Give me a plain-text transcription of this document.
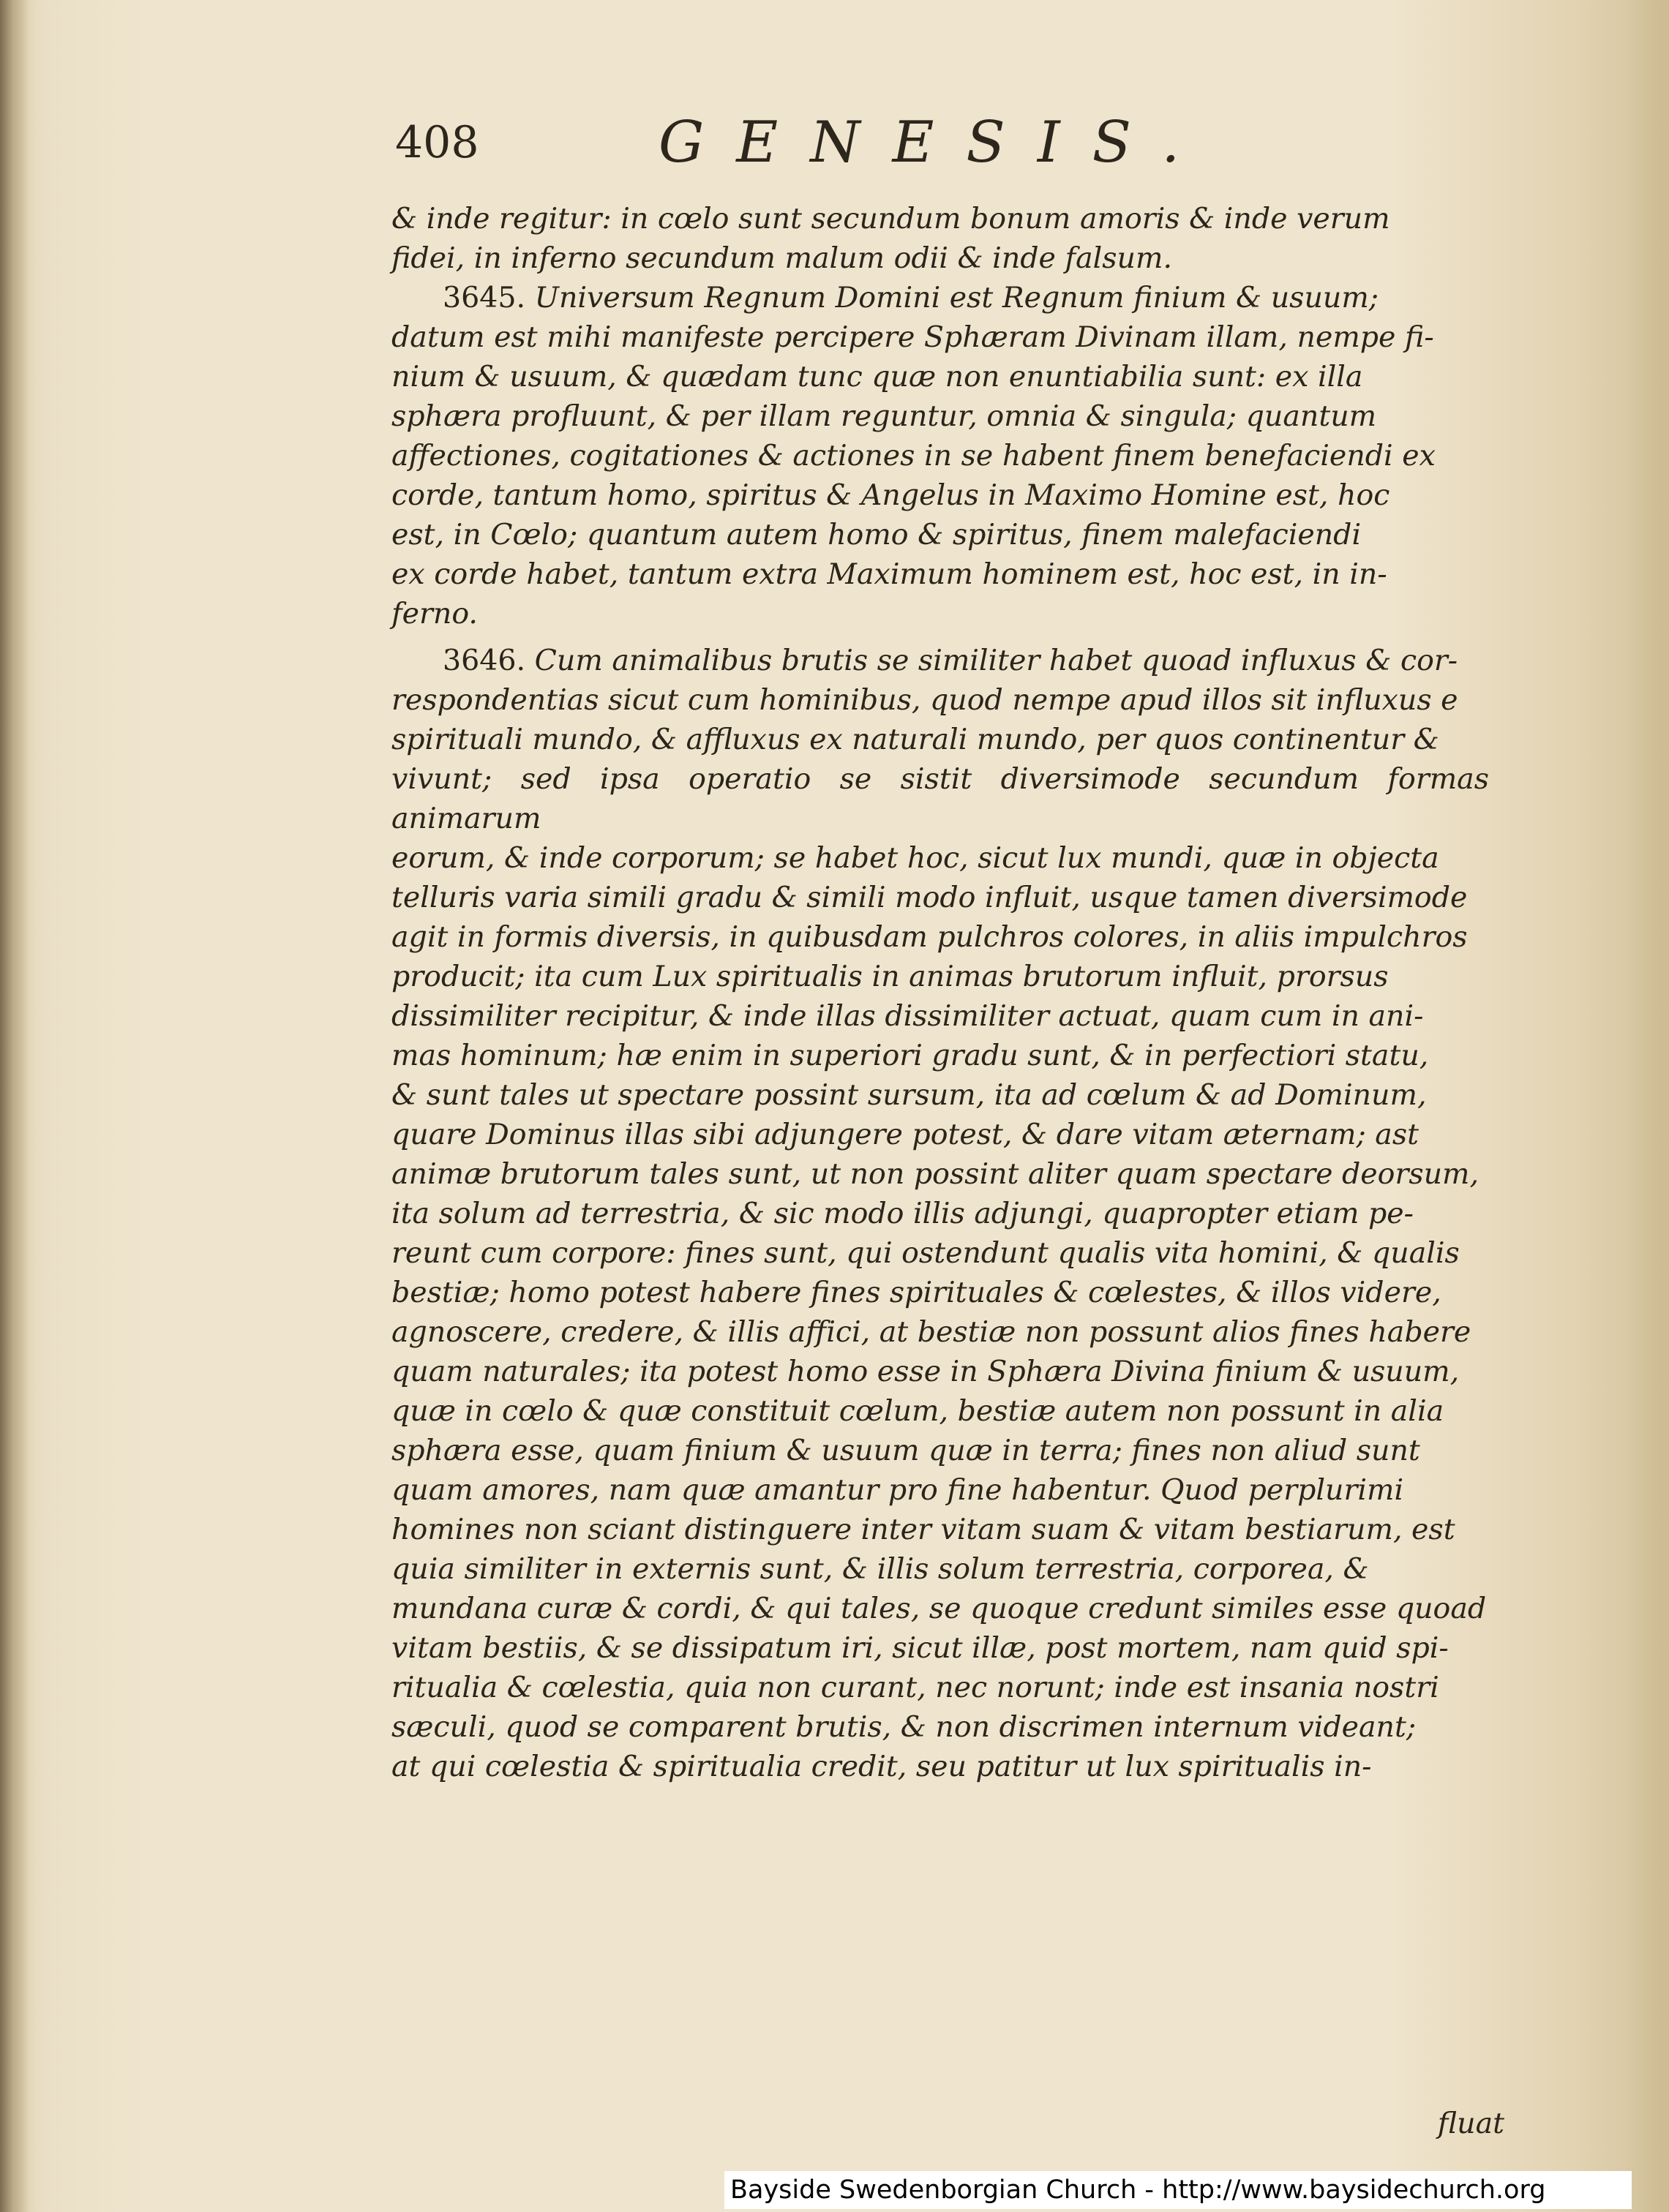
408	GENESIS.

& inde regitur: in cœlo sunt secundum bonum amoris & inde verum

fidei, in inferno secundum malum odii & inde falsum.

3645. Universum Regnum Domini est Regnum finium & usuum;

datum est mihi manifeste percipere Sphæram Divinam illam, nempe fi-

nium & usuum, & quædam tunc quæ non enuntiabilia sunt: ex illa

sphæra profluunt, & per illam reguntur, omnia & singula; quantum

affectiones, cogitationes & actiones in se habent finem benefaciendi ex

corde, tantum homo, spiritus & Angelus in Maximo Homine est, hoc

est, in Cœlo; quantum autem homo & spiritus, finem malefaciendi

ex corde habet, tantum extra Maximum hominem est, hoc est, in in-

ferno.

3646. Cum animalibus brutis se similiter habet quoad influxus & cor-

respondentias sicut cum hominibus, quod nempe apud illos sit influxus e

spirituali mundo, & affluxus ex naturali mundo, per quos continentur &

vivunt; sed ipsa operatio se sistit diversimode secundum formas animarum

eorum, & inde corporum; se habet hoc, sicut lux mundi, quæ in objecta

telluris varia simili gradu & simili modo influit, usque tamen diversimode

agit in formis diversis, in quibusdam pulchros colores, in aliis impulchros

producit; ita cum Lux spiritualis in animas brutorum influit, prorsus

dissimiliter recipitur, & inde illas dissimiliter actuat, quam cum in ani-

mas hominum; hæ enim in superiori gradu sunt, & in perfectiori statu,

& sunt tales ut spectare possint sursum, ita ad cœlum & ad Dominum,

quare Dominus illas sibi adjungere potest, & dare vitam æternam; ast

animæ brutorum tales sunt, ut non possint aliter quam spectare deorsum,

ita solum ad terrestria, & sic modo illis adjungi, quapropter etiam pe-

reunt cum corpore: fines sunt, qui ostendunt qualis vita homini, & qualis

bestiæ; homo potest habere fines spirituales & cœlestes, & illos videre,

agnoscere, credere, & illis affici, at bestiæ non possunt alios fines habere

quam naturales; ita potest homo esse in Sphæra Divina finium & usuum,

quæ in cœlo & quæ constituit cœlum, bestiæ autem non possunt in alia

sphæra esse, quam finium & usuum quæ in terra; fines non aliud sunt

quam amores, nam quæ amantur pro fine habentur. Quod perplurimi

homines non sciant distinguere inter vitam suam & vitam bestiarum, est

quia similiter in externis sunt, & illis solum terrestria, corporea, &

mundana curæ & cordi, & qui tales, se quoque credunt similes esse quoad

vitam bestiis, & se dissipatum iri, sicut illæ, post mortem, nam quid spi-

ritualia & cœlestia, quia non curant, nec norunt; inde est insania nostri

sæculi, quod se comparent brutis, & non discrimen internum videant;

at qui cœlestia & spiritualia credit, seu patitur ut lux spiritualis in-

Bayside Swedenborgian Church - http://www.baysidechurch.org
fluat
